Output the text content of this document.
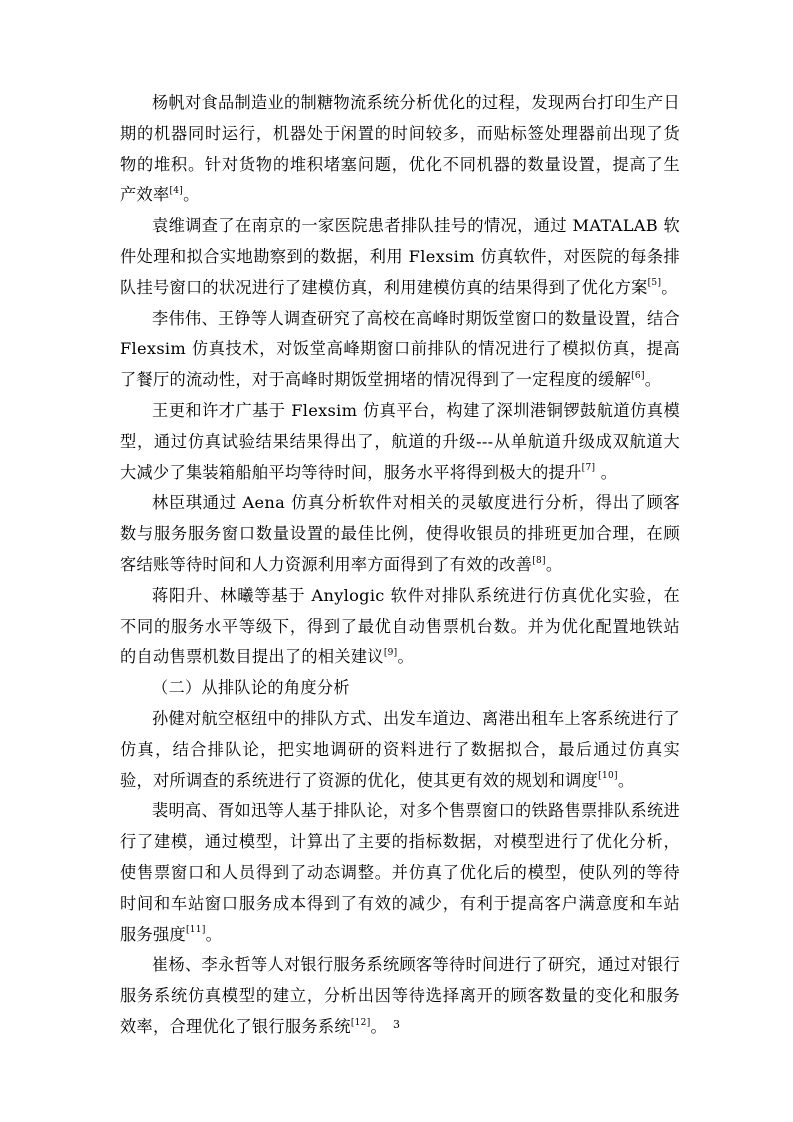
杨帆对食品制造业的制糖物流系统分析优化的过程，发现两台打印生产日期的机器同时运行，机器处于闲置的时间较多，而贴标签处理器前出现了货物的堆积。针对货物的堆积堵塞问题，优化不同机器的数量设置，提高了生产效率[4]。

袁维调查了在南京的一家医院患者排队挂号的情况，通过 MATALAB 软件处理和拟合实地勘察到的数据，利用 Flexsim 仿真软件，对医院的每条排队挂号窗口的状况进行了建模仿真，利用建模仿真的结果得到了优化方案[5]。

李伟伟、王铮等人调查研究了高校在高峰时期饭堂窗口的数量设置，结合 Flexsim 仿真技术，对饭堂高峰期窗口前排队的情况进行了模拟仿真，提高了餐厅的流动性，对于高峰时期饭堂拥堵的情况得到了一定程度的缓解[6]。

王更和许才广基于 Flexsim 仿真平台，构建了深圳港铜锣鼓航道仿真模型，通过仿真试验结果结果得出了，航道的升级---从单航道升级成双航道大大减少了集装箱船舶平均等待时间，服务水平将得到极大的提升[7] 。

林臣琪通过 Aena 仿真分析软件对相关的灵敏度进行分析，得出了顾客数与服务服务窗口数量设置的最佳比例，使得收银员的排班更加合理，在顾客结账等待时间和人力资源利用率方面得到了有效的改善[8]。

蒋阳升、林曦等基于 Anylogic 软件对排队系统进行仿真优化实验，在不同的服务水平等级下，得到了最优自动售票机台数。并为优化配置地铁站的自动售票机数目提出了的相关建议[9]。

（二）从排队论的角度分析

孙健对航空枢纽中的排队方式、出发车道边、离港出租车上客系统进行了仿真，结合排队论，把实地调研的资料进行了数据拟合，最后通过仿真实验，对所调查的系统进行了资源的优化，使其更有效的规划和调度[10]。

裴明高、胥如迅等人基于排队论，对多个售票窗口的铁路售票排队系统进行了建模，通过模型，计算出了主要的指标数据，对模型进行了优化分析，使售票窗口和人员得到了动态调整。并仿真了优化后的模型，使队列的等待时间和车站窗口服务成本得到了有效的减少，有利于提高客户满意度和车站服务强度[11]。

崔杨、李永哲等人对银行服务系统顾客等待时间进行了研究，通过对银行服务系统仿真模型的建立，分析出因等待选择离开的顾客数量的变化和服务效率，合理优化了银行服务系统[12]。 3
